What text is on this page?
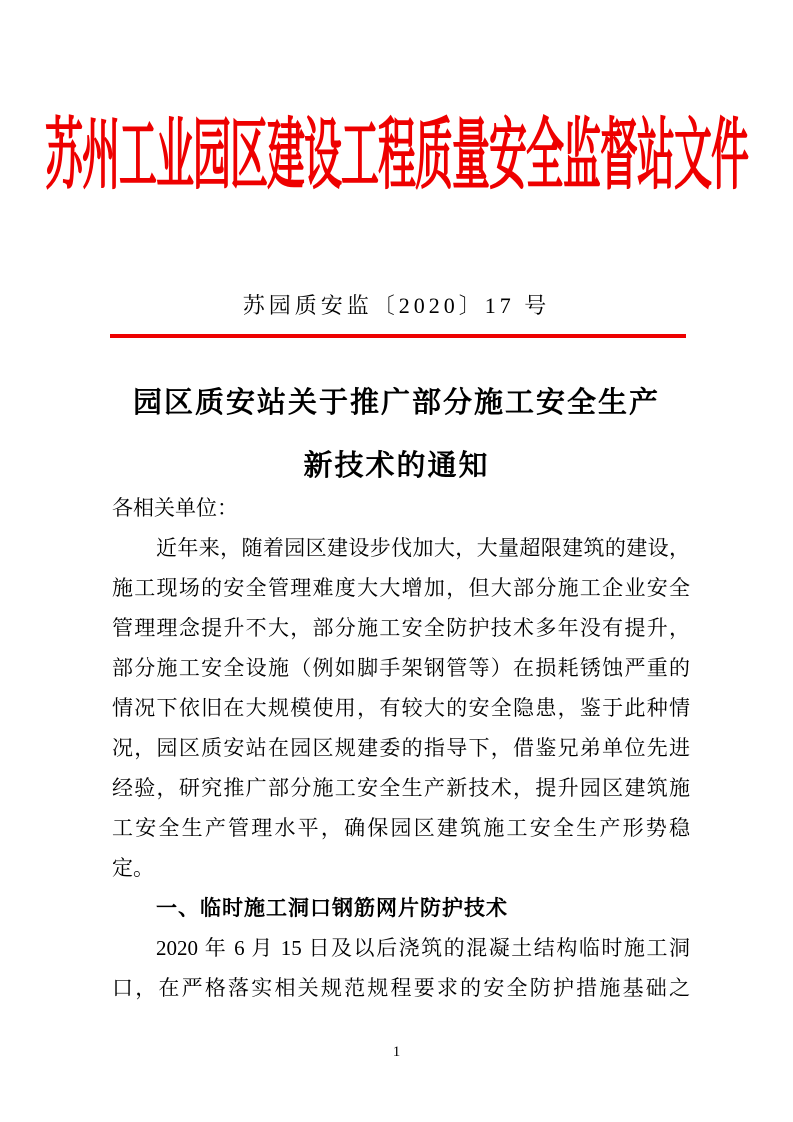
苏州工业园区建设工程质量安全监督站文件
苏园质安监〔2020〕17 号
园区质安站关于推广部分施工安全生产
新技术的通知
各相关单位：
近年来，随着园区建设步伐加大，大量超限建筑的建设，
施工现场的安全管理难度大大增加，但大部分施工企业安全
管理理念提升不大，部分施工安全防护技术多年没有提升，
部分施工安全设施（例如脚手架钢管等）在损耗锈蚀严重的
情况下依旧在大规模使用，有较大的安全隐患，鉴于此种情
况，园区质安站在园区规建委的指导下，借鉴兄弟单位先进
经验，研究推广部分施工安全生产新技术，提升园区建筑施
工安全生产管理水平，确保园区建筑施工安全生产形势稳
定。
一、临时施工洞口钢筋网片防护技术
2020 年 6 月 15 日及以后浇筑的混凝土结构临时施工洞
口，在严格落实相关规范规程要求的安全防护措施基础之
1
